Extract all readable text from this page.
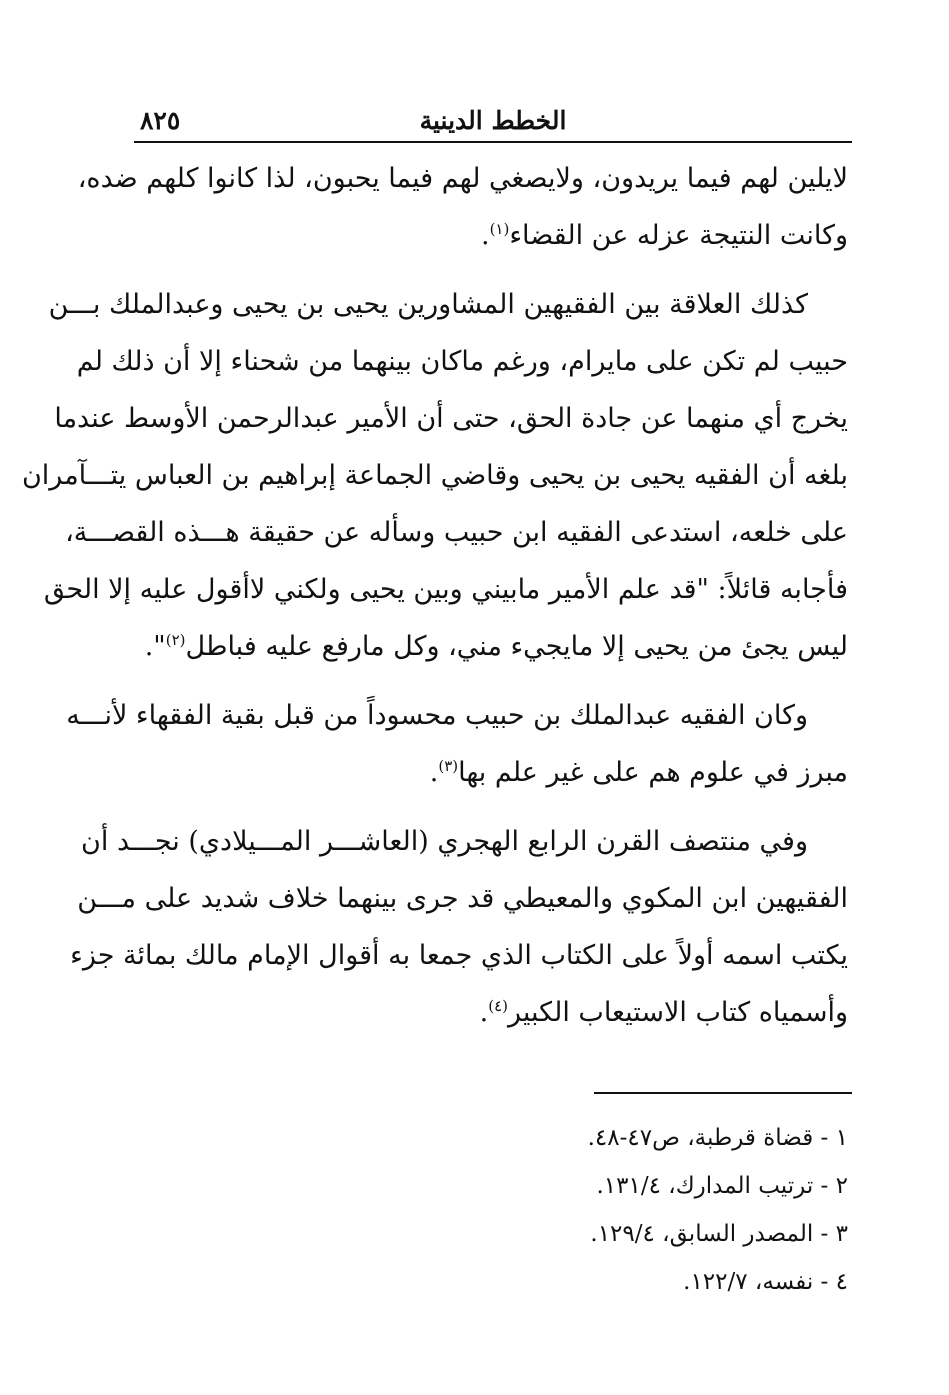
الخطط الدينية
٨٢٥
لايلين لهم فيما يريدون، ولايصغي لهم فيما يحبون، لذا كانوا كلهم ضده،
وكانت النتيجة عزله عن القضاء$^{(١)}$.
كذلك العلاقة بين الفقيهين المشاورين يحيى بن يحيى وعبدالملك بـــن
حبيب لم تكن على مايرام، ورغم ماكان بينهما من شحناء إلا أن ذلك لم
يخرج أي منهما عن جادة الحق، حتى أن الأمير عبدالرحمن الأوسط عندما
بلغه أن الفقيه يحيى بن يحيى وقاضي الجماعة إبراهيم بن العباس يتـــآمران
على خلعه، استدعى الفقيه ابن حبيب وسأله عن حقيقة هـــذه القصـــة،
فأجابه قائلاً: "قد علم الأمير مابيني وبين يحيى ولكني لاأقول عليه إلا الحق
ليس يجئ من يحيى إلا مايجيء مني، وكل مارفع عليه فباطل$^{(٢)}$".
وكان الفقيه عبدالملك بن حبيب محسوداً من قبل بقية الفقهاء لأنـــه
مبرز في علوم هم على غير علم بها$^{(٣)}$.
وفي منتصف القرن الرابع الهجري (العاشـــر المـــيلادي) نجـــد أن
الفقيهين ابن المكوي والمعيطي قد جرى بينهما خلاف شديد على مـــن
يكتب اسمه أولاً على الكتاب الذي جمعا به أقوال الإمام مالك بمائة جزء
وأسمياه كتاب الاستيعاب الكبير$^{(٤)}$.
١ - قضاة قرطبة، ص٤٧-٤٨.
٢ - ترتيب المدارك، ١٣١/٤.
٣ - المصدر السابق، ١٢٩/٤.
٤ - نفسه، ١٢٢/٧.
